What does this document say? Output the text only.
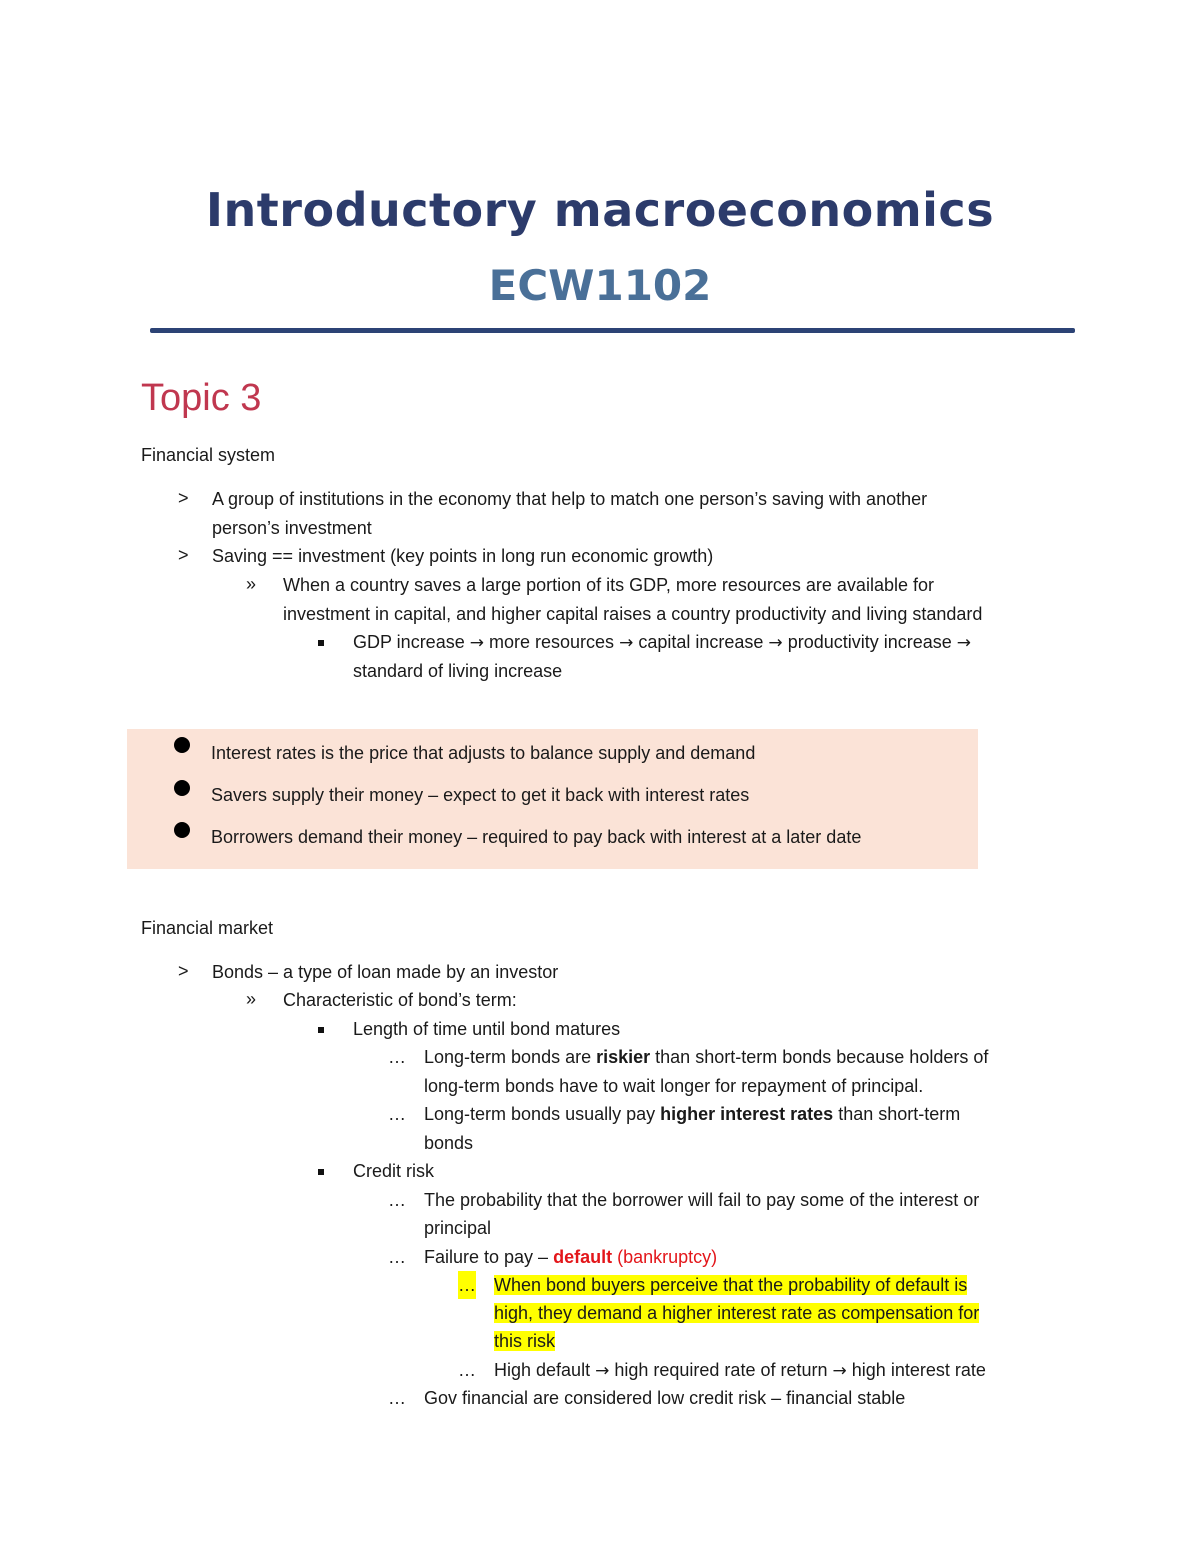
Introductory macroeconomics
ECW1102
Topic 3
Financial system
> A group of institutions in the economy that help to match one person’s saving with another
person’s investment
> Saving == investment (key points in long run economic growth)
» When a country saves a large portion of its GDP, more resources are available for
investment in capital, and higher capital raises a country productivity and living standard
GDP increase → more resources → capital increase → productivity increase →
standard of living increase
Interest rates is the price that adjusts to balance supply and demand
Savers supply their money – expect to get it back with interest rates
Borrowers demand their money – required to pay back with interest at a later date
Financial market
> Bonds – a type of loan made by an investor
» Characteristic of bond’s term:
Length of time until bond matures
… Long-term bonds are riskier than short-term bonds because holders of
long-term bonds have to wait longer for repayment of principal.
… Long-term bonds usually pay higher interest rates than short-term
bonds
Credit risk
… The probability that the borrower will fail to pay some of the interest or
principal
… Failure to pay – default (bankruptcy)
… When bond buyers perceive that the probability of default is
high, they demand a higher interest rate as compensation for
this risk
… High default → high required rate of return → high interest rate
… Gov financial are considered low credit risk – financial stable
